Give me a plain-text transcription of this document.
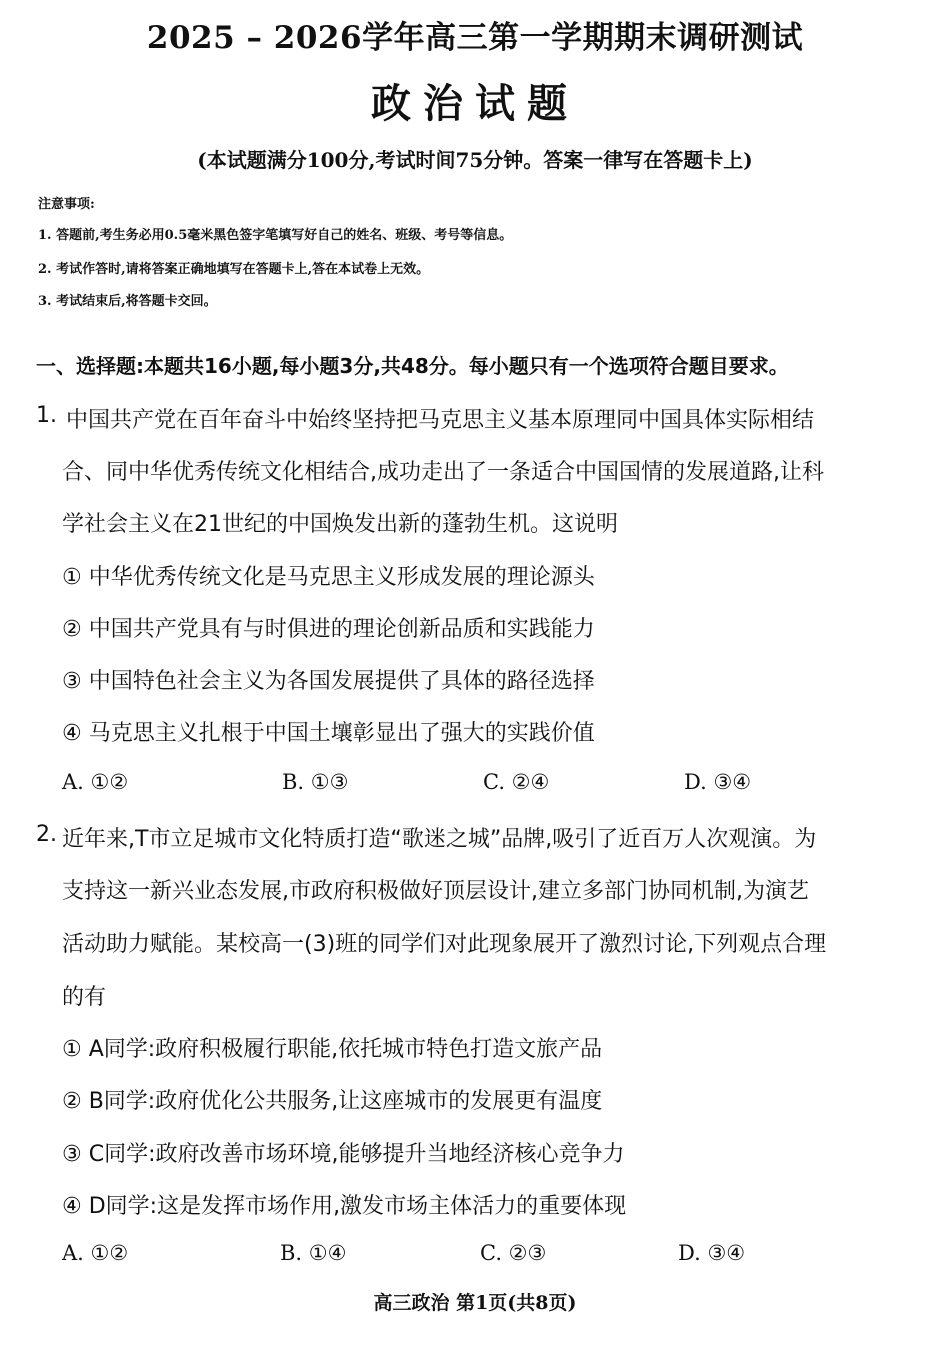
2025 – 2026学年高三第一学期期末调研测试
政治试题
(本试题满分100分,考试时间75分钟。答案一律写在答题卡上)
注意事项:
1. 答题前,考生务必用0.5毫米黑色签字笔填写好自己的姓名、班级、考号等信息。
2. 考试作答时,请将答案正确地填写在答题卡上,答在本试卷上无效。
3. 考试结束后,将答题卡交回。
一、选择题:本题共16小题,每小题3分,共48分。每小题只有一个选项符合题目要求。
1. 中国共产党在百年奋斗中始终坚持把马克思主义基本原理同中国具体实际相结
合、同中华优秀传统文化相结合,成功走出了一条适合中国国情的发展道路,让科
学社会主义在21世纪的中国焕发出新的蓬勃生机。这说明
① 中华优秀传统文化是马克思主义形成发展的理论源头
② 中国共产党具有与时俱进的理论创新品质和实践能力
③ 中国特色社会主义为各国发展提供了具体的路径选择
④ 马克思主义扎根于中国土壤彰显出了强大的实践价值
A. ①②	B. ①③	C. ②④	D. ③④
2. 近年来,T市立足城市文化特质打造“歌迷之城”品牌,吸引了近百万人次观演。为
支持这一新兴业态发展,市政府积极做好顶层设计,建立多部门协同机制,为演艺
活动助力赋能。某校高一(3)班的同学们对此现象展开了激烈讨论,下列观点合理
的有
① A同学:政府积极履行职能,依托城市特色打造文旅产品
② B同学:政府优化公共服务,让这座城市的发展更有温度
③ C同学:政府改善市场环境,能够提升当地经济核心竞争力
④ D同学:这是发挥市场作用,激发市场主体活力的重要体现
A. ①②	B. ①④	C. ②③	D. ③④
高三政治 第1页(共8页)
